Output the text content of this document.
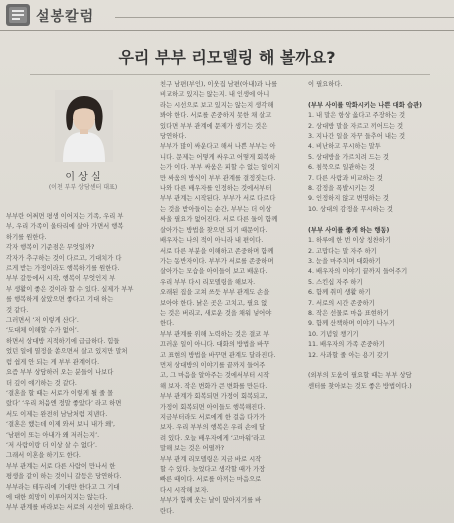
설봉칼럼
우리 부부 리모델링 해 볼까요?
이 상 실
(이천 부부 상담센터 대표)

부부란 어쩌면 평생 이어지는 기족, 우리 부

부, 우리 가족이 울타리에 살아 가면서 행복

하기를 원한다.

각자 행복이 기준점은 무엇일까?

각자가 추구하는 것이 다르고, 기대치가 다

르게 받는 가정이라도 행복하기를 원한다.

부부 갈등에서 시작, 행복이 무엇인지 부

부 생활이 좋은 것이라 할 수 있다. 실제가 부부

를 행복하게 살았으면 좋다고 기대 하는

것 같다.

그러면서 ‘저 이렇게 산다’.

‘도대체 이해할 수가 없어’.

하면서 상대방 지적하기에 급급하다. 힘들

었던 일에 열정을 쏟으면서 살고 있지만 말처

럼 쉽게 안 되는 게 부부 관계이다.

요즘 부부 상담하러 오는 분들이 나보다

더 깊이 얘기하는 것 같다.

‘결혼을 할 때는 서로가 이렇게 될 줄 몰

랐다’ ‘우리 처음엔 정말 좋았다’ 라고 하면

서도 이제는 완전히 남남처럼 지낸다.

‘결혼은 했는데 이제 와서 보니 내가 왜',

‘남편이 또는 아내가 왜 저러는지’.

‘저 사람이랑 더 이상 살 수 없다’.

그래서 이혼을 하기도 한다.

부부 관계는 서로 다른 사람이 만나서 한

평생을 같이 하는 것이니 갈등은 당연하다.

부부라는 테두리에 기대만 한다고 그 기대

에 대한 희망이 이루어지지는 않는다.

부부 관계를 바라보는 서로의 시선이 필요하다.

친구 남편(부인), 이웃집 남편(아내)과 나를

비교하고 있지는 않는지. 내 인생에 아니

라는 시선으로 보고 있지는 않는지 생각해

봐야 한다. 서로를 존중하지 못한 채 살고

있다면 부부 관계에 문제가 생기는 것은

당연하다.

부부가 많이 싸운다고 해서 나쁜 부부는 아

니다. 문제는 어떻게 싸우고 어떻게 회복하

는가 이다. 부부 싸움은 피할 수 없는 일이지

만 싸움의 방식이 부부 관계를 결정짓는다.

나와 다른 배우자를 인정하는 것에서부터

부부 관계는 시작된다. 부부가 서로 다르다

는 것을 받아들이는 순간, 부부는 더 이상

싸울 필요가 없어진다. 서로 다른 둘이 함께

살아가는 방법을 찾으면 되기 때문이다.

배우자는 나의 적이 아니라 내 편이다.

서로 다른 부분을 이해하고 존중하며 함께

가는 동반자이다. 부부가 서로를 존중하며

살아가는 모습을 아이들이 보고 배운다.

우리 부부 다시 리모델링을 해보자.

오래된 집을 고쳐 쓰듯 부부 관계도 손을

보아야 한다. 낡은 곳은 고치고, 필요 없

는 것은 버리고, 새로운 것을 채워 넣어야

한다.

부부 관계를 위해 노력하는 것은 결코 부

끄러운 일이 아니다. 대화의 방법을 바꾸

고 표현의 방법을 바꾸면 관계도 달라진다.

먼저 상대방의 이야기를 끝까지 들어주

고, 그 마음을 알아주는 것에서부터 시작

해 보자. 작은 변화가 큰 변화를 만든다.

부부 관계가 회복되면 가정이 회복되고,

가정이 회복되면 아이들도 행복해진다.

지금부터라도 서로에게 한 걸음 다가가

보자. 우리 부부의 행복은 우리 손에 달

려 있다. 오늘 배우자에게 ‘고마워’라고

말해 보는 것은 어떨까?

부부 관계 리모델링은 지금 바로 시작

할 수 있다. 늦었다고 생각할 때가 가장

빠른 때이다. 서로를 아끼는 마음으로

다시 시작해 보자.

부부가 함께 웃는 날이 많아지기를 바

란다.

이 필요하다.

(부부 사이를 악화시키는 나쁜 대화 습관)

1. 내 말은 항상 옳다고 주장하는 것

2. 상대방 말을 자르고 끼어드는 것

3. 지나간 일을 자꾸 들추어 내는 것

4. 비난하고 무시하는 말투

5. 상대방을 가르치려 드는 것

6. 침묵으로 일관하는 것

7. 다른 사람과 비교하는 것

8. 감정을 폭발시키는 것

9. 인정하지 않고 변명하는 것

10. 상대의 감정을 무시하는 것

(부부 사이를 좋게 하는 행동)

1. 하루에 한 번 이상 칭찬하기

2. 고맙다는 말 자주 하기

3. 눈을 마주치며 대화하기

4. 배우자의 이야기 끝까지 들어주기

5. 스킨십 자주 하기

6. 함께 취미 생활 하기

7. 서로의 시간 존중하기

8. 작은 선물로 마음 표현하기

9. 함께 산책하며 이야기 나누기

10. 기념일 챙기기

11. 배우자의 가족 존중하기

12. 사과할 줄 아는 용기 갖기

(외부의 도움이 필요할 때는 부부 상담

센터를 찾아보는 것도 좋은 방법이다.)
